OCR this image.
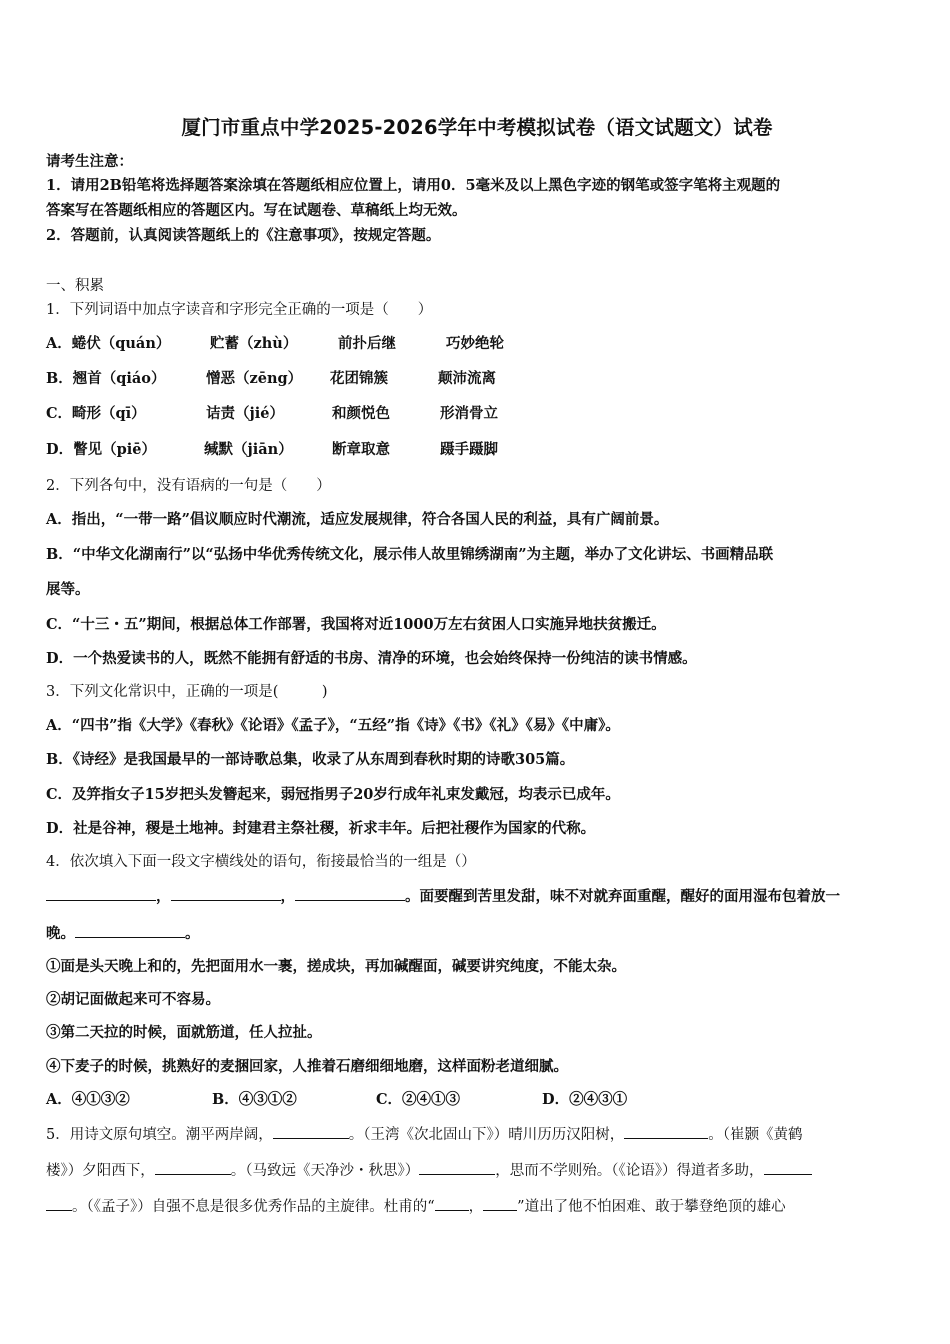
厦门市重点中学2025-2026学年中考模拟试卷（语文试题文）试卷
请考生注意：
1．请用2B铅笔将选择题答案涂填在答题纸相应位置上，请用0．5毫米及以上黑色字迹的钢笔或签字笔将主观题的
答案写在答题纸相应的答题区内。写在试题卷、草稿纸上均无效。
2．答题前，认真阅读答题纸上的《注意事项》，按规定答题。
一、积累
1．下列词语中加点字读音和字形完全正确的一项是（　　）
A．蜷伏（quán）	贮蓄（zhù）	前扑后继	巧妙绝轮
B．翘首（qiáo）	憎恶（zēng） 花团锦簇	颠沛流离
C．畸形（qī）	诘责（jié）	和颜悦色	形消骨立
D．瞥见（piē）	缄默（jiān）	断章取意	蹑手蹑脚
2．下列各句中，没有语病的一句是（　　）
A．指出，“一带一路”倡议顺应时代潮流，适应发展规律，符合各国人民的利益，具有广阔前景。
B．“中华文化湖南行”以“弘扬中华优秀传统文化，展示伟人故里锦绣湖南”为主题，举办了文化讲坛、书画精品联
展等。
C．“十三・五”期间，根据总体工作部署，我国将对近1000万左右贫困人口实施异地扶贫搬迁。
D．一个热爱读书的人，既然不能拥有舒适的书房、清净的环境，也会始终保持一份纯洁的读书情感。
3．下列文化常识中，正确的一项是(　　　)
A．“四书”指《大学》《春秋》《论语》《孟子》，“五经”指《诗》《书》《礼》《易》《中庸》。
B．《诗经》是我国最早的一部诗歌总集，收录了从东周到春秋时期的诗歌305篇。
C．及笄指女子15岁把头发簪起来，弱冠指男子20岁行成年礼束发戴冠，均表示已成年。
D．社是谷神，稷是土地神。封建君主祭社稷，祈求丰年。后把社稷作为国家的代称。
4．依次填入下面一段文字横线处的语句，衔接最恰当的一组是（）
，	，	。面要醒到苦里发甜，味不对就弃面重醒，醒好的面用湿布包着放一
晚。	。
①面是头天晚上和的，先把面用水一裹，搓成块，再加碱醒面，碱要讲究纯度，不能太杂。
②胡记面做起来可不容易。
③第二天拉的时候，面就筋道，任人拉扯。
④下麦子的时候，挑熟好的麦捆回家，人推着石磨细细地磨，这样面粉老道细腻。
A．④①③②	B．④③①②	C．②④①③	D．②④③①
5．用诗文原句填空。潮平两岸阔，	。（王湾《次北固山下》）晴川历历汉阳树，	。（崔颢《黄鹤
楼》）夕阳西下，	。（马致远《天净沙・秋思》）	，思而不学则殆。（《论语》）得道者多助，
。（《孟子》）自强不息是很多优秀作品的主旋律。杜甫的“ ， ”道出了他不怕困难、敢于攀登绝顶的雄心
